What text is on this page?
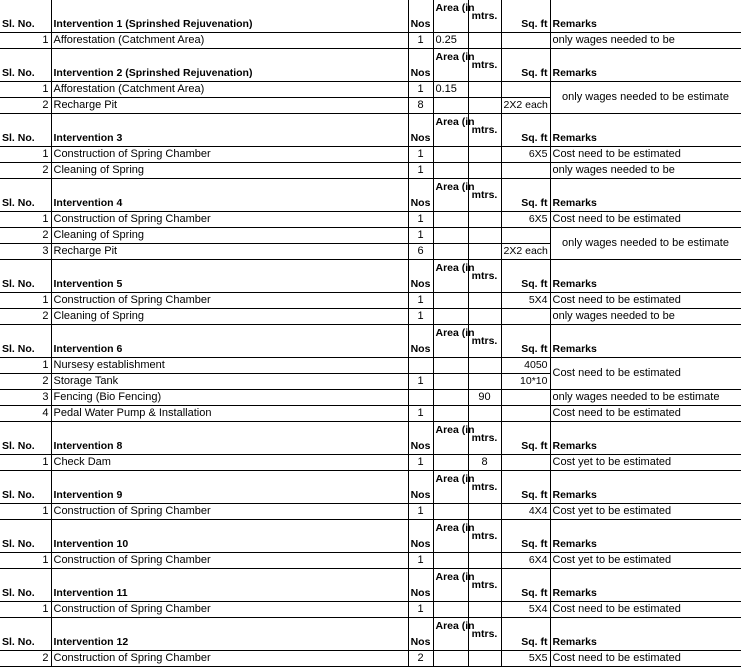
Sl. No.	Intervention 1 (Sprinshed Rejuvenation)	Nos	Area (in	mtrs.	Sq. ft	Remarks
1	Afforestation (Catchment Area)	1	0.25			only wages needed to be
Sl. No.	Intervention 2 (Sprinshed Rejuvenation)	Nos	Area (in	mtrs.	Sq. ft	Remarks
1	Afforestation (Catchment Area)	1	0.15			only wages needed to be estimate
2	Recharge Pit	8			2X2 each	
Sl. No.	Intervention 3	Nos	Area (in	mtrs.	Sq. ft	Remarks
1	Construction of Spring Chamber	1			6X5	Cost need to be estimated
2	Cleaning of Spring	1				only wages needed to be
Sl. No.	Intervention 4	Nos	Area (in	mtrs.	Sq. ft	Remarks
1	Construction of Spring Chamber	1			6X5	Cost need to be estimated
2	Cleaning of Spring	1				only wages needed to be estimate
3	Recharge Pit	6			2X2 each	
Sl. No.	Intervention 5	Nos	Area (in	mtrs.	Sq. ft	Remarks
1	Construction of Spring Chamber	1			5X4	Cost need to be estimated
2	Cleaning of Spring	1				only wages needed to be
Sl. No.	Intervention 6	Nos	Area (in	mtrs.	Sq. ft	Remarks
1	Nursesy establishment				4050	Cost need to be estimated
2	Storage Tank	1			10*10	
3	Fencing (Bio Fencing)			90		only wages needed to be estimate
4	Pedal Water Pump & Installation	1				Cost need to be estimated
Sl. No.	Intervention 8	Nos	Area (in	mtrs.	Sq. ft	Remarks
1	Check Dam	1		8		Cost yet to be estimated
Sl. No.	Intervention 9	Nos	Area (in	mtrs.	Sq. ft	Remarks
1	Construction of Spring Chamber	1			4X4	Cost yet to be estimated
Sl. No.	Intervention 10	Nos	Area (in	mtrs.	Sq. ft	Remarks
1	Construction of Spring Chamber	1			6X4	Cost yet to be estimated
Sl. No.	Intervention 11	Nos	Area (in	mtrs.	Sq. ft	Remarks
1	Construction of Spring Chamber	1			5X4	Cost need to be estimated
Sl. No.	Intervention 12	Nos	Area (in	mtrs.	Sq. ft	Remarks
2	Construction of Spring Chamber	2			5X5	Cost need to be estimated
